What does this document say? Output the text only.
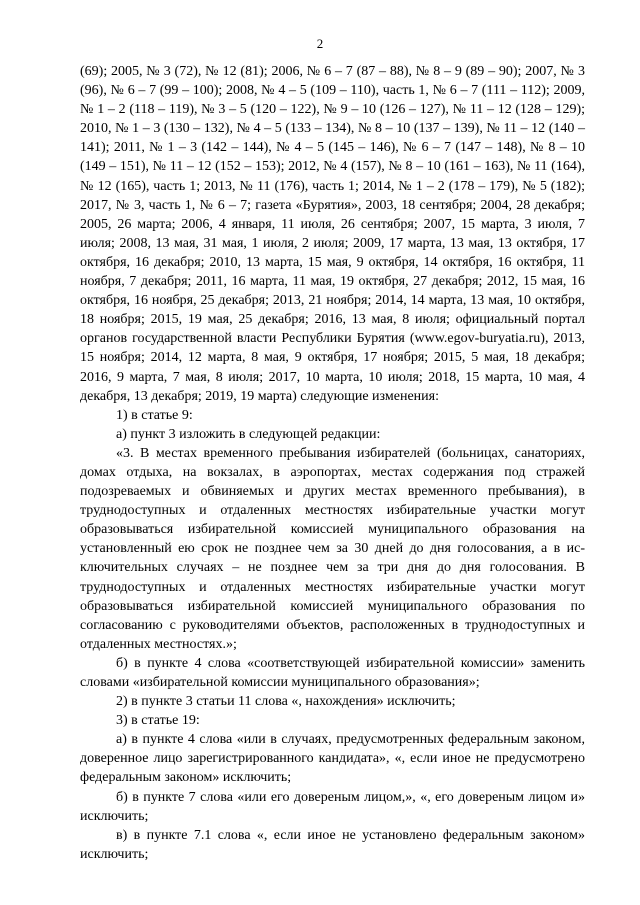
2

(69); 2005, № 3 (72), № 12 (81); 2006, № 6 – 7 (87 – 88), № 8 – 9 (89 – 90); 2007, № 3 (96), № 6 – 7 (99 – 100); 2008, № 4 – 5 (109 – 110), часть 1, № 6 – 7 (111 – 112); 2009, № 1 – 2 (118 – 119), № 3 – 5 (120 – 122), № 9 – 10 (126 – 127), № 11 – 12 (128 – 129); 2010, № 1 – 3 (130 – 132), № 4 – 5 (133 – 134), № 8 – 10 (137 – 139), № 11 – 12 (140 – 141); 2011, № 1 – 3 (142 – 144), № 4 – 5 (145 – 146), № 6 – 7 (147 – 148), № 8 – 10 (149 – 151), № 11 – 12 (152 – 153); 2012, № 4 (157), № 8 – 10 (161 – 163), № 11 (164), № 12 (165), часть 1; 2013, № 11 (176), часть 1; 2014, № 1 – 2 (178 – 179), № 5 (182); 2017, № 3, часть 1, № 6 – 7; газета «Бурятия», 2003, 18 сентября; 2004, 28 декабря; 2005, 26 марта; 2006, 4 января, 11 июля, 26 сентября; 2007, 15 марта, 3 июля, 7 июля; 2008, 13 мая, 31 мая, 1 июля, 2 июля; 2009, 17 марта, 13 мая, 13 октября, 17 октября, 16 декабря; 2010, 13 марта, 15 мая, 9 октября, 14 октября, 16 октября, 11 ноября, 7 декабря; 2011, 16 марта, 11 мая, 19 октября, 27 декабря; 2012, 15 мая, 16 октября, 16 ноября, 25 декабря; 2013, 21 ноября; 2014, 14 марта, 13 мая, 10 октября, 18 ноября; 2015, 19 мая, 25 декабря; 2016, 13 мая, 8 июля; официальный портал органов государственной власти Республики Бурятия (www.egov-buryatia.ru), 2013, 15 ноября; 2014, 12 марта, 8 мая, 9 октября, 17 ноября; 2015, 5 мая, 18 декабря; 2016, 9 марта, 7 мая, 8 июля; 2017, 10 марта, 10 июля; 2018, 15 марта, 10 мая, 4 декабря, 13 декабря; 2019, 19 марта) следующие изменения:

1) в статье 9:

а) пункт 3 изложить в следующей редакции:

«3. В местах временного пребывания избирателей (больницах, санаториях, домах отдыха, на вокзалах, в аэропортах, местах содержания под стражей подозреваемых и обвиняемых и других местах временного пребывания), в труднодоступных и отдаленных местностях избирательные участки могут образовываться избирательной комиссией муниципального образования на установленный ею срок не позднее чем за 30 дней до дня голосования, а в исключительных случаях – не позднее чем за три дня до дня голосования. В труднодоступных и отдаленных местностях избирательные участки могут образовываться избирательной комиссией муниципального образования по согласованию с руководителями объектов, расположенных в труднодоступных и отдаленных местностях.»;

б) в пункте 4 слова «соответствующей избирательной комиссии» заменить словами «избирательной комиссии муниципального образования»;

2) в пункте 3 статьи 11 слова «, нахождения» исключить;

3) в статье 19:

а) в пункте 4 слова «или в случаях, предусмотренных федеральным законом, доверенное лицо зарегистрированного кандидата», «, если иное не предусмотрено федеральным законом» исключить;

б) в пункте 7 слова «или его довереным лицом,», «, его довереным лицом и» исключить;

в) в пункте 7.1 слова «, если иное не установлено федеральным законом» исключить;
